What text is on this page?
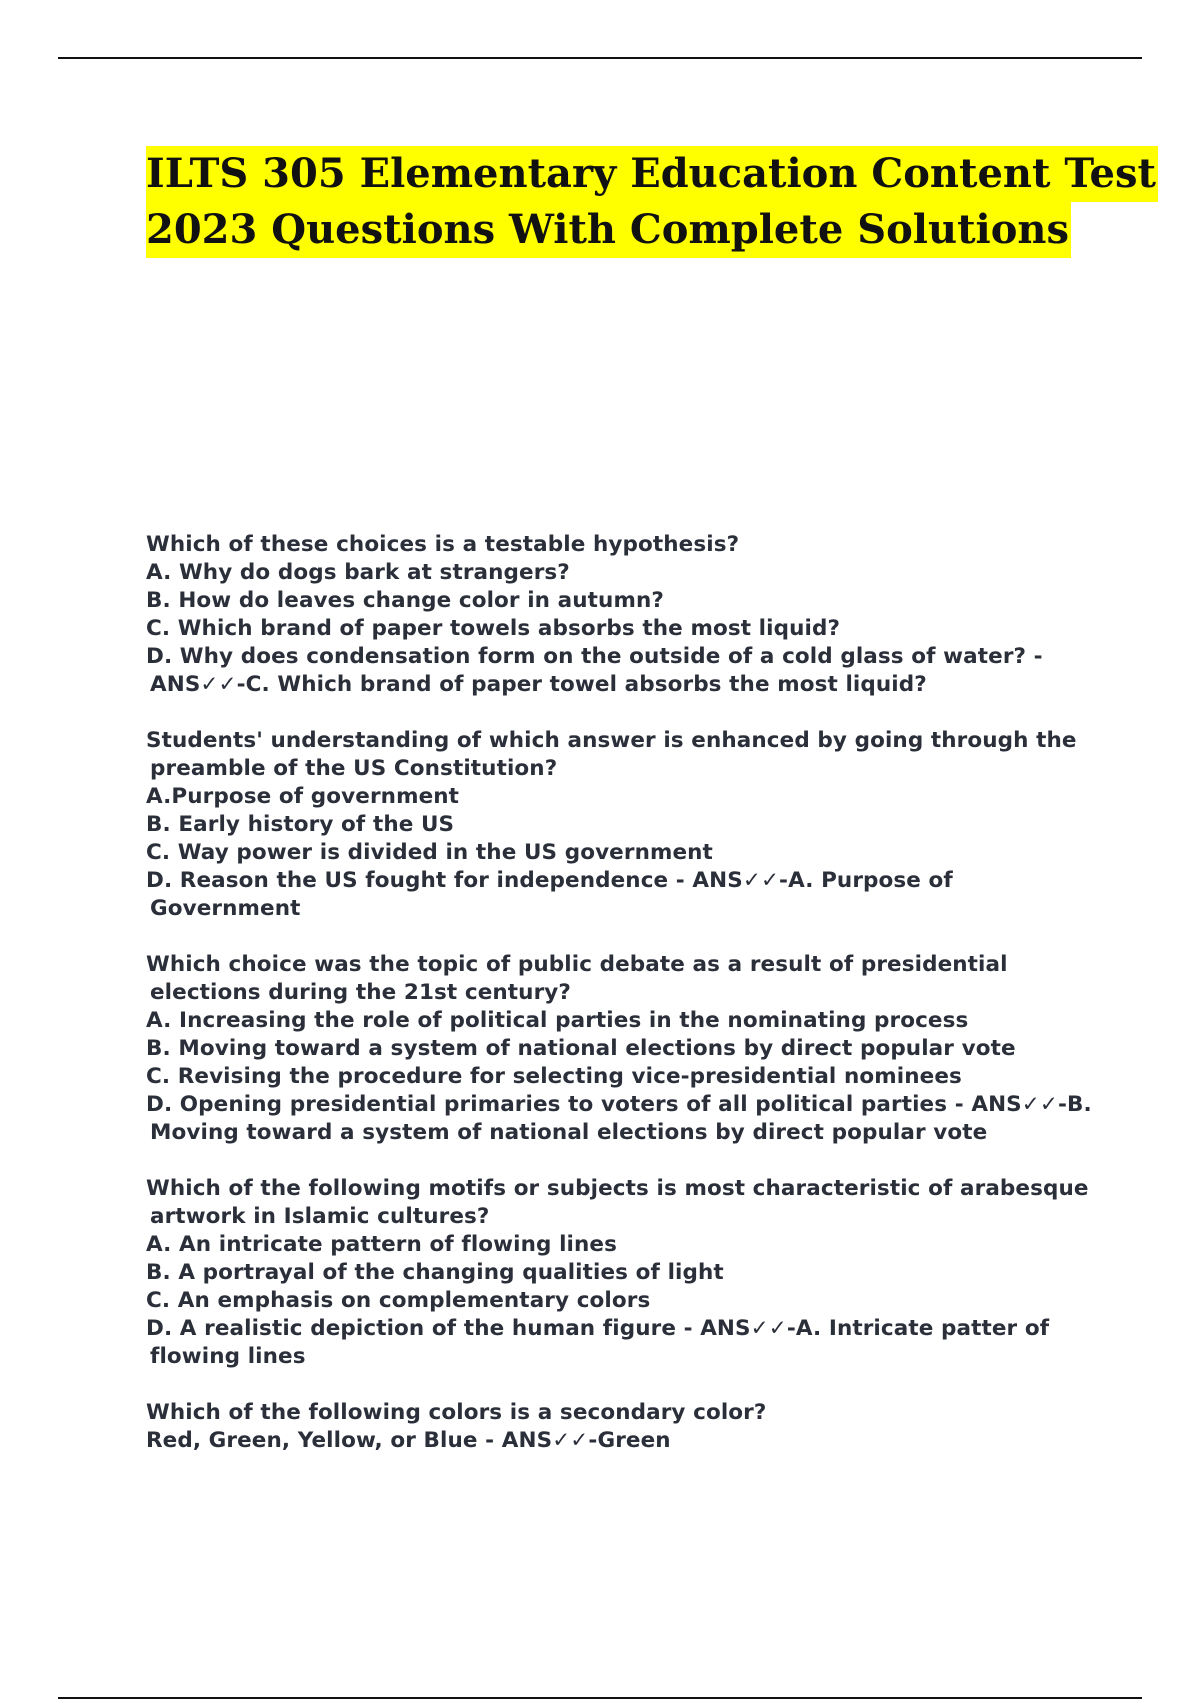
ILTS 305 Elementary Education Content Test
2023 Questions With Complete Solutions
Which of these choices is a testable hypothesis?
A. Why do dogs bark at strangers?
B. How do leaves change color in autumn?
C. Which brand of paper towels absorbs the most liquid?
D. Why does condensation form on the outside of a cold glass of water? -
ANS✓✓-C. Which brand of paper towel absorbs the most liquid?
Students' understanding of which answer is enhanced by going through the
preamble of the US Constitution?
A.Purpose of government
B. Early history of the US
C. Way power is divided in the US government
D. Reason the US fought for independence - ANS✓✓-A. Purpose of
Government
Which choice was the topic of public debate as a result of presidential
elections during the 21st century?
A. Increasing the role of political parties in the nominating process
B. Moving toward a system of national elections by direct popular vote
C. Revising the procedure for selecting vice-presidential nominees
D. Opening presidential primaries to voters of all political parties - ANS✓✓-B.
Moving toward a system of national elections by direct popular vote
Which of the following motifs or subjects is most characteristic of arabesque
artwork in Islamic cultures?
A. An intricate pattern of flowing lines
B. A portrayal of the changing qualities of light
C. An emphasis on complementary colors
D. A realistic depiction of the human figure - ANS✓✓-A. Intricate patter of
flowing lines
Which of the following colors is a secondary color?
Red, Green, Yellow, or Blue - ANS✓✓-Green
